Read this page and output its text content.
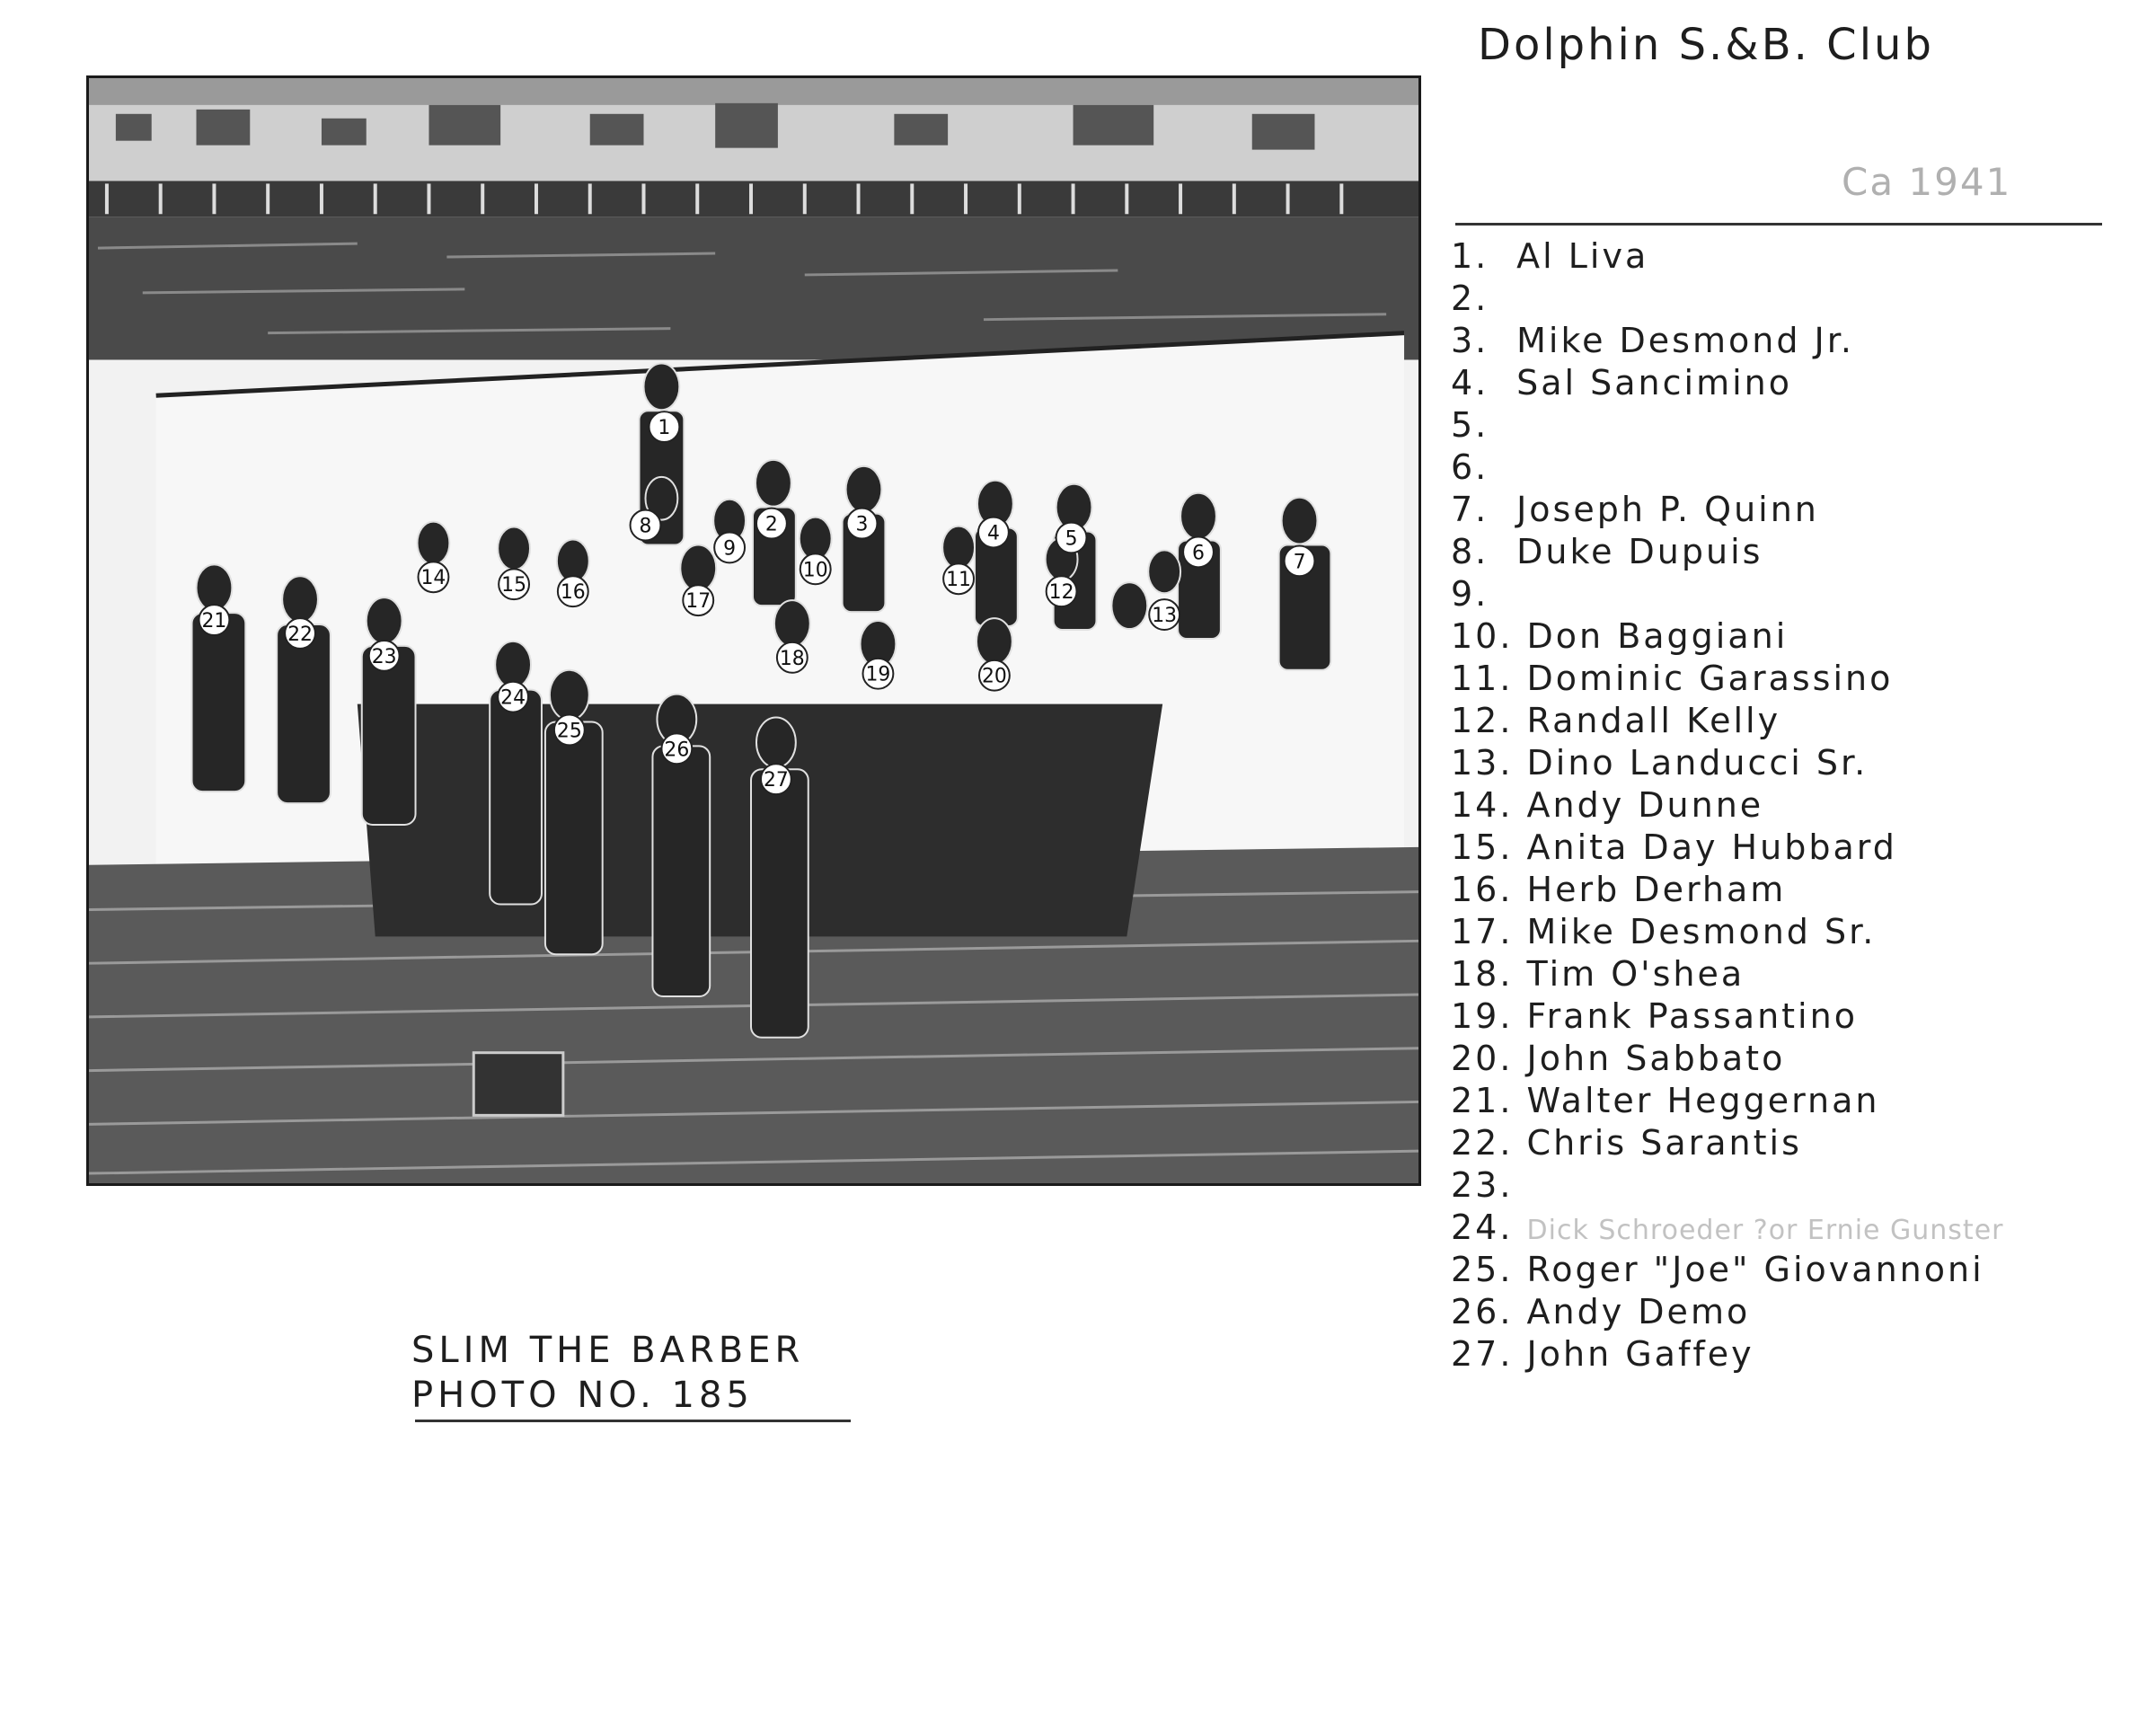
1
2	3	4	5
6	7
8
9
10	11
12
13
14	15 16	17
18
19	20
21
22
23
24
25
26
27
Dolphin S.&B. Club
Ca 1941
1. Al Liva
2.
3. Mike Desmond Jr.
4. Sal Sancimino
5.
6.
7. Joseph P. Quinn
8. Duke Dupuis
9.
10. Don Baggiani
11. Dominic Garassino
12. Randall Kelly
13. Dino Landucci Sr.
14. Andy Dunne
15. Anita Day Hubbard
16. Herb Derham
17. Mike Desmond Sr.
18. Tim O'shea
19. Frank Passantino
20. John Sabbato
21. Walter Heggernan
22. Chris Sarantis
23.
24. Dick Schroeder ?or Ernie Gunster
25. Roger "Joe" Giovannoni
26. Andy Demo
27. John Gaffey
SLIM THE BARBER
PHOTO NO. 185
